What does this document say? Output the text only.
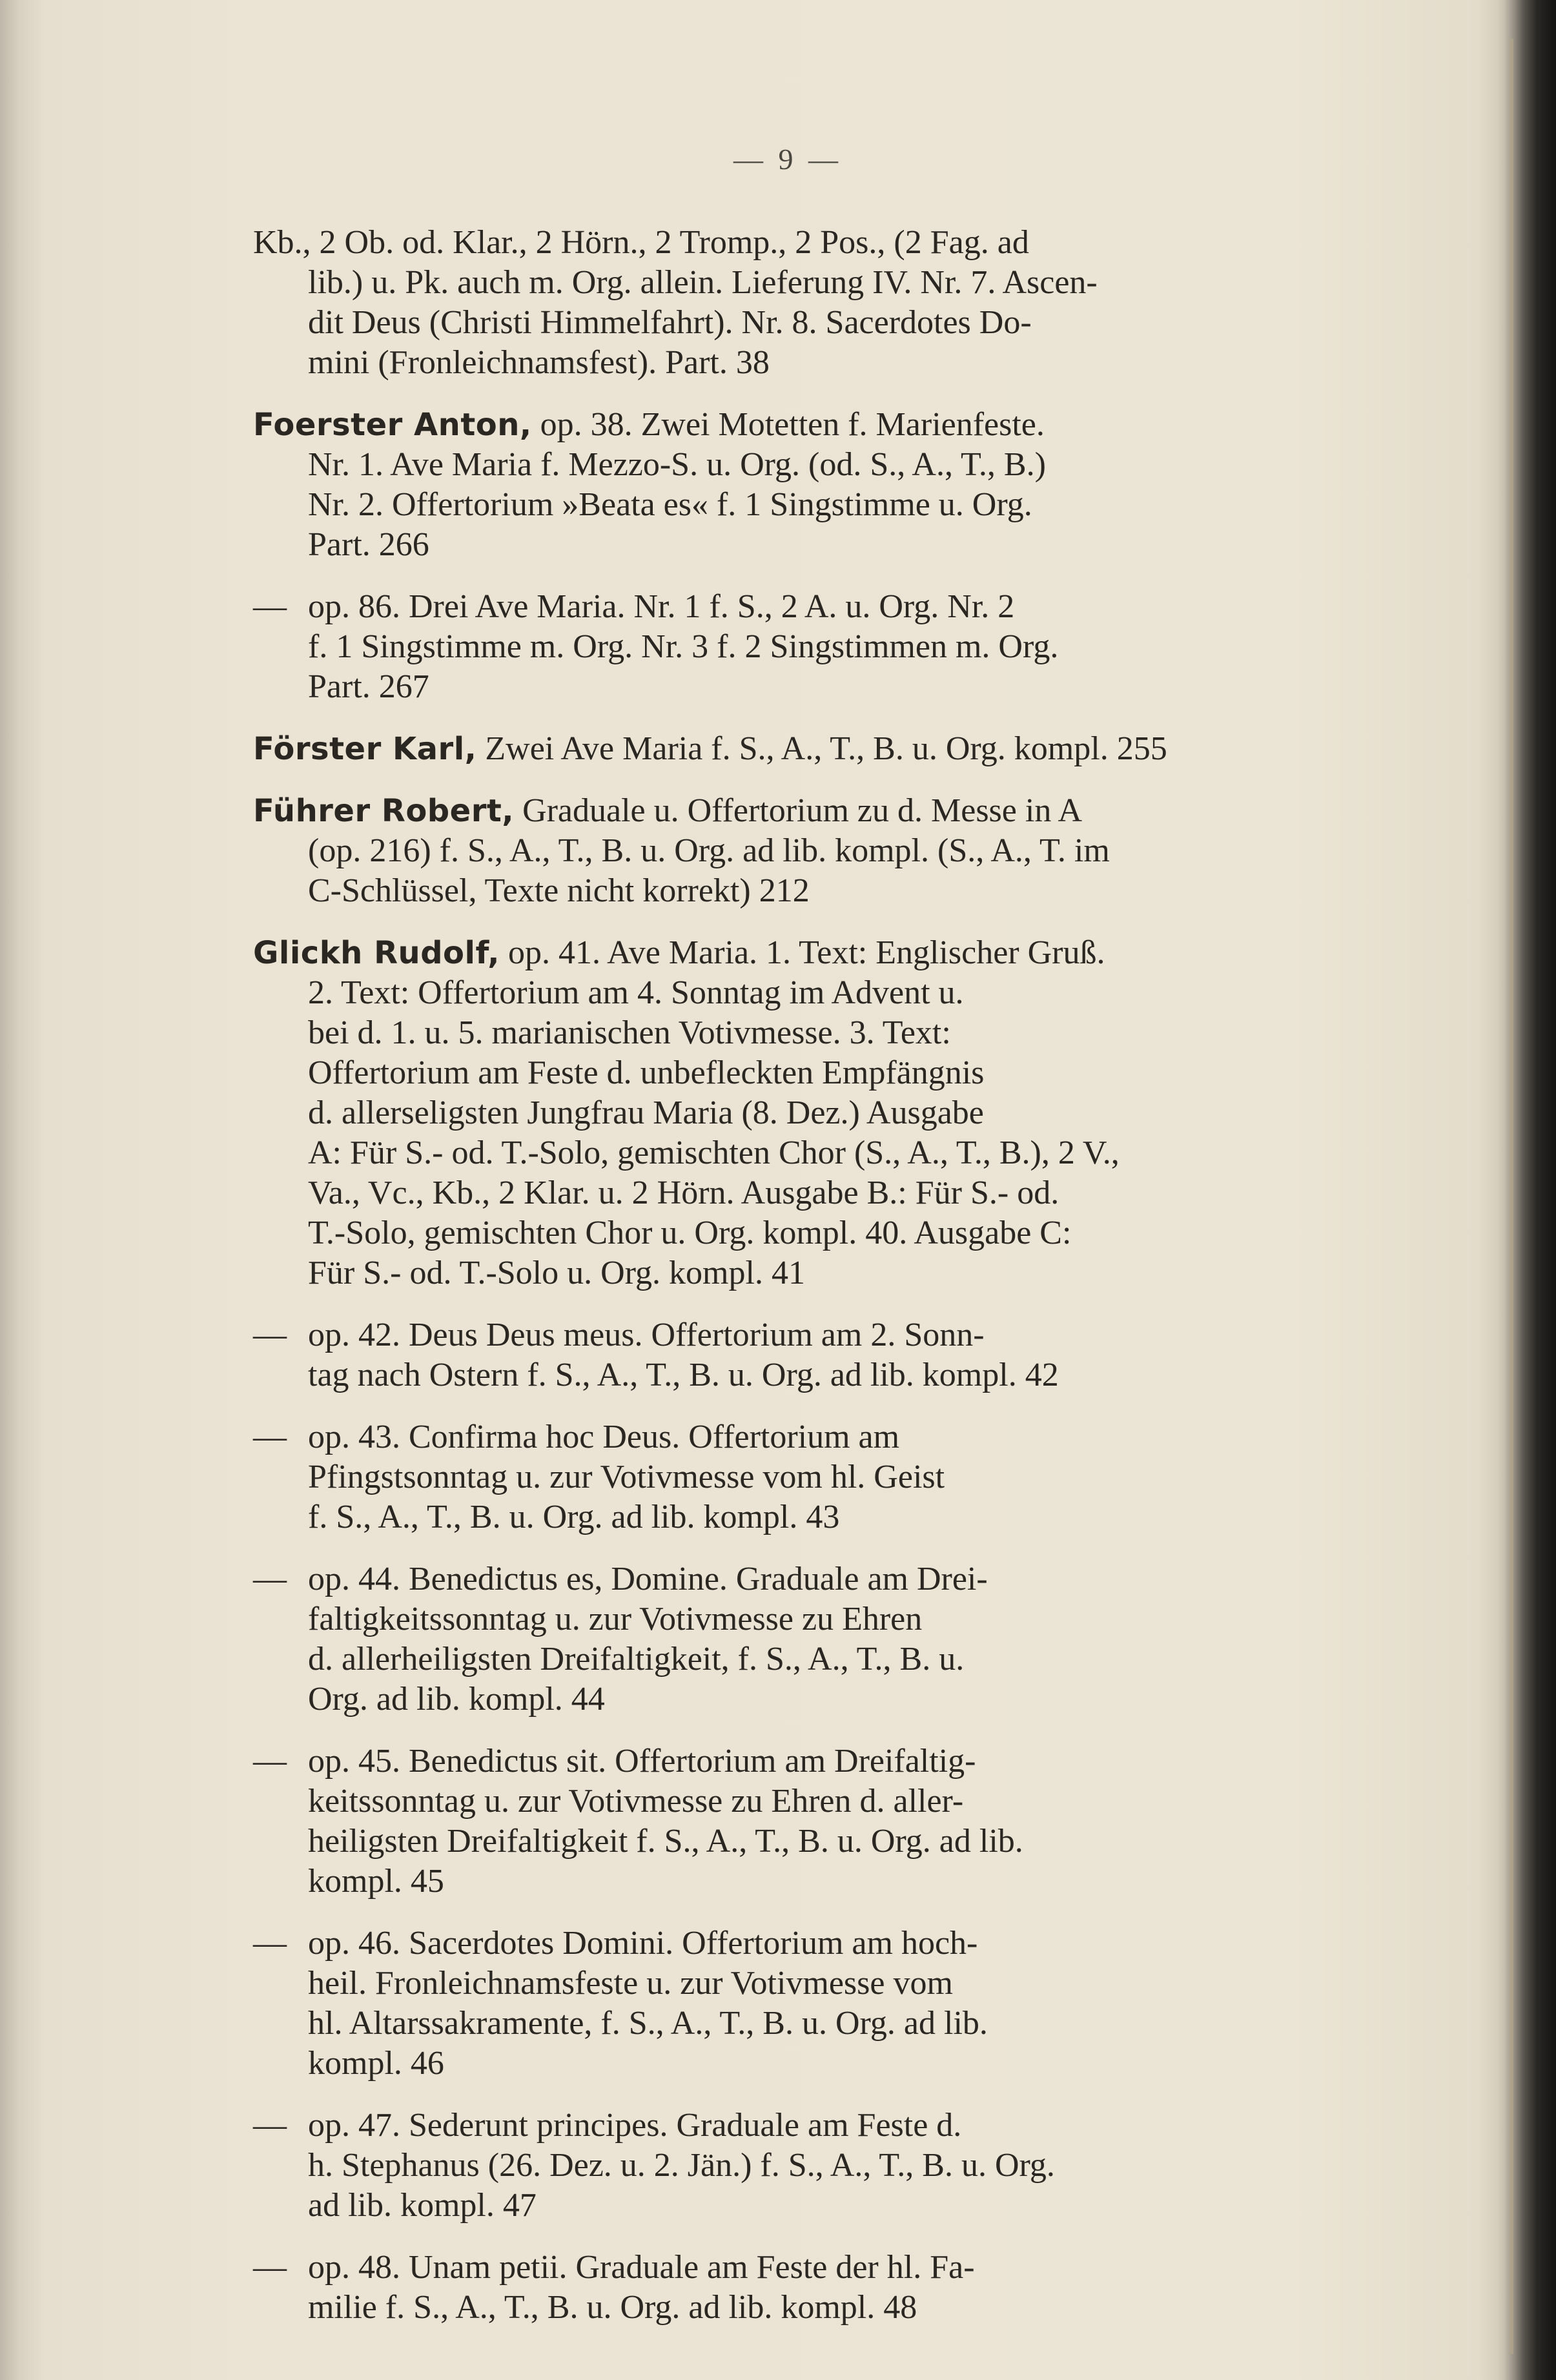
— 9 —
Kb., 2 Ob. od. Klar., 2 Hörn., 2 Tromp., 2 Pos., (2 Fag. ad
lib.) u. Pk. auch m. Org. allein. Lieferung IV. Nr. 7. Ascen-
dit Deus (Christi Himmelfahrt). Nr. 8. Sacerdotes Do-
mini (Fronleichnamsfest). Part. 38
Foerster Anton, op. 38. Zwei Motetten f. Marienfeste.
Nr. 1. Ave Maria f. Mezzo-S. u. Org. (od. S., A., T., B.)
Nr. 2. Offertorium »Beata es« f. 1 Singstimme u. Org.
Part. 266
— op. 86. Drei Ave Maria. Nr. 1 f. S., 2 A. u. Org. Nr. 2
f. 1 Singstimme m. Org. Nr. 3 f. 2 Singstimmen m. Org.
Part. 267
Förster Karl, Zwei Ave Maria f. S., A., T., B. u. Org. kompl. 255
Führer Robert, Graduale u. Offertorium zu d. Messe in A
(op. 216) f. S., A., T., B. u. Org. ad lib. kompl. (S., A., T. im
C-Schlüssel, Texte nicht korrekt) 212
Glickh Rudolf, op. 41. Ave Maria. 1. Text: Englischer Gruß.
2. Text: Offertorium am 4. Sonntag im Advent u.
bei d. 1. u. 5. marianischen Votivmesse. 3. Text:
Offertorium am Feste d. unbefleckten Empfängnis
d. allerseligsten Jungfrau Maria (8. Dez.) Ausgabe
A: Für S.- od. T.-Solo, gemischten Chor (S., A., T., B.), 2 V.,
Va., Vc., Kb., 2 Klar. u. 2 Hörn. Ausgabe B.: Für S.- od.
T.-Solo, gemischten Chor u. Org. kompl. 40. Ausgabe C:
Für S.- od. T.-Solo u. Org. kompl. 41
— op. 42. Deus Deus meus. Offertorium am 2. Sonn-
tag nach Ostern f. S., A., T., B. u. Org. ad lib. kompl. 42
— op. 43. Confirma hoc Deus. Offertorium am
Pfingstsonntag u. zur Votivmesse vom hl. Geist
f. S., A., T., B. u. Org. ad lib. kompl. 43
— op. 44. Benedictus es, Domine. Graduale am Drei-
faltigkeitssonntag u. zur Votivmesse zu Ehren
d. allerheiligsten Dreifaltigkeit, f. S., A., T., B. u.
Org. ad lib. kompl. 44
— op. 45. Benedictus sit. Offertorium am Dreifaltig-
keitssonntag u. zur Votivmesse zu Ehren d. aller-
heiligsten Dreifaltigkeit f. S., A., T., B. u. Org. ad lib.
kompl. 45
— op. 46. Sacerdotes Domini. Offertorium am hoch-
heil. Fronleichnamsfeste u. zur Votivmesse vom
hl. Altarssakramente, f. S., A., T., B. u. Org. ad lib.
kompl. 46
— op. 47. Sederunt principes. Graduale am Feste d.
h. Stephanus (26. Dez. u. 2. Jän.) f. S., A., T., B. u. Org.
ad lib. kompl. 47
— op. 48. Unam petii. Graduale am Feste der hl. Fa-
milie f. S., A., T., B. u. Org. ad lib. kompl. 48
